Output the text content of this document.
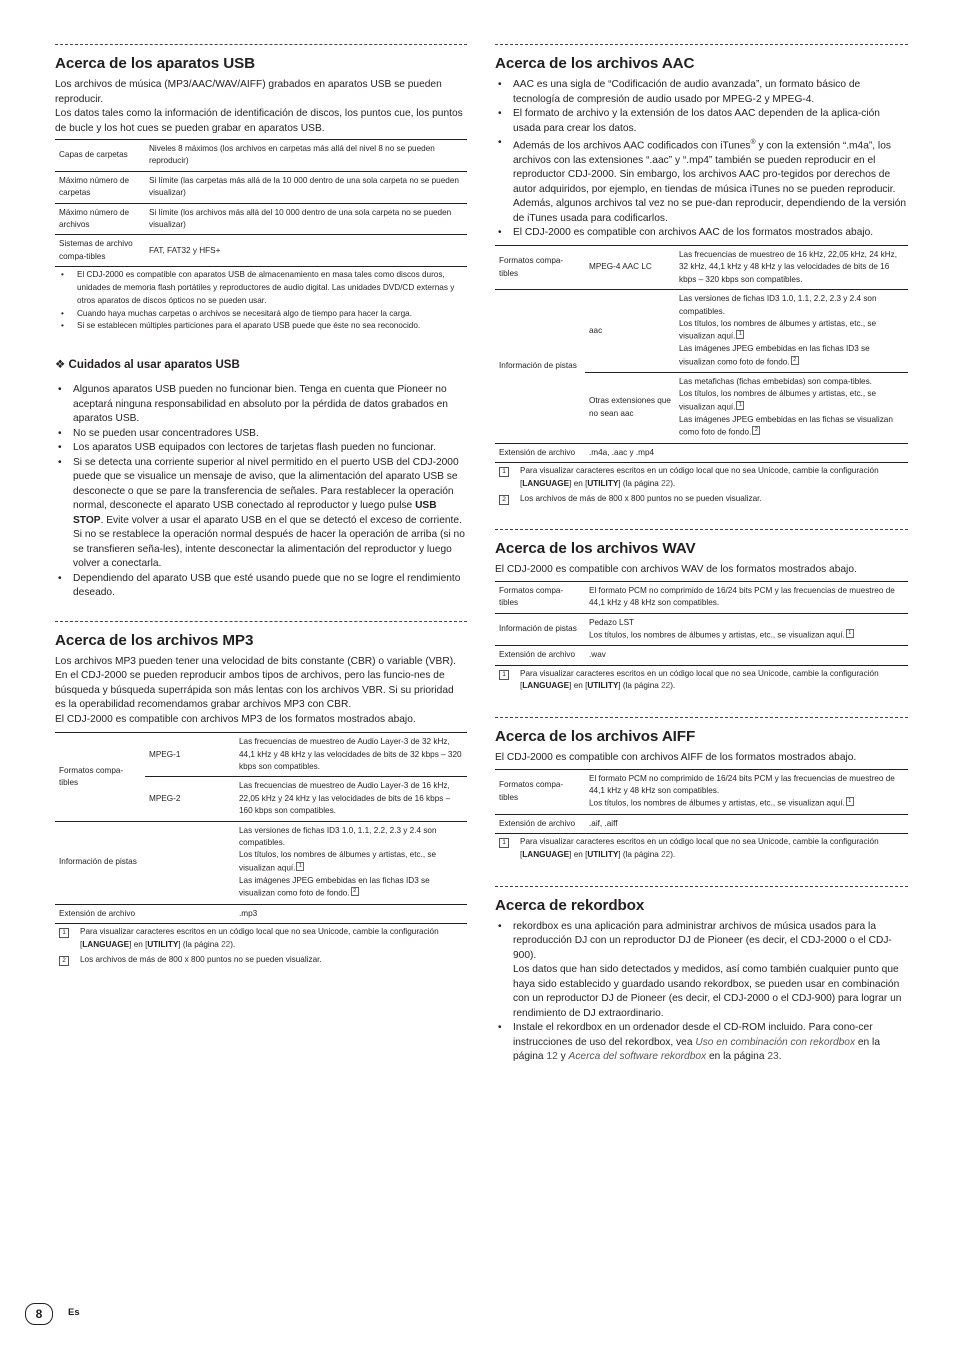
Acerca de los aparatos USB

Los archivos de música (MP3/AAC/WAV/AIFF) grabados en aparatos USB se pueden reproducir.

Los datos tales como la información de identificación de discos, los puntos cue, los puntos de bucle y los hot cues se pueden grabar en aparatos USB.

Capas de carpetas	Niveles 8 máximos (los archivos en carpetas más allá del nivel 8 no se pueden reproducir)
Máximo número de carpetas	Si límite (las carpetas más allá de la 10 000 dentro de una sola carpeta no se pueden visualizar)
Máximo número de archivos	Si límite (los archivos más allá del 10 000 dentro de una sola carpeta no se pueden visualizar)
Sistemas de archivo compa-tibles	FAT, FAT32 y HFS+
• El CDJ-2000 es compatible con aparatos USB de almacenamiento en masa tales como discos duros, unidades de memoria flash portátiles y reproductores de audio digital. Las unidades DVD/CD externas y otros aparatos de discos ópticos no se pueden usar.
• Cuando haya muchas carpetas o archivos se necesitará algo de tiempo para hacer la carga.
• Si se establecen múltiples particiones para el aparato USB puede que éste no sea reconocido.
❖ Cuidados al usar aparatos USB
• Algunos aparatos USB pueden no funcionar bien. Tenga en cuenta que Pioneer no aceptará ninguna responsabilidad en absoluto por la pérdida de datos grabados en aparatos USB.
• No se pueden usar concentradores USB.
• Los aparatos USB equipados con lectores de tarjetas flash pueden no funcionar.
• Si se detecta una corriente superior al nivel permitido en el puerto USB del CDJ-2000 puede que se visualice un mensaje de aviso, que la alimentación del aparato USB se desconecte o que se pare la transferencia de señales. Para restablecer la operación normal, desconecte el aparato USB conectado al reproductor y luego pulse USB STOP. Evite volver a usar el aparato USB en el que se detectó el exceso de corriente. Si no se restablece la operación normal después de hacer la operación de arriba (si no se transfieren seña-les), intente desconectar la alimentación del reproductor y luego volver a conectarla.
• Dependiendo del aparato USB que esté usando puede que no se logre el rendimiento deseado.
Acerca de los archivos MP3

Los archivos MP3 pueden tener una velocidad de bits constante (CBR) o variable (VBR). En el CDJ-2000 se pueden reproducir ambos tipos de archivos, pero las funcio-nes de búsqueda y búsqueda superrápida son más lentas con los archivos VBR. Si su prioridad es la operabilidad recomendamos grabar archivos MP3 con CBR.

El CDJ-2000 es compatible con archivos MP3 de los formatos mostrados abajo.

Formatos compa-tibles	MPEG-1	Las frecuencias de muestreo de Audio Layer-3 de 32 kHz, 44,1 kHz y 48 kHz y las velocidades de bits de 32 kbps – 320 kbps son compatibles.
	MPEG-2	Las frecuencias de muestreo de Audio Layer-3 de 16 kHz, 22,05 kHz y 24 kHz y las velocidades de bits de 16 kbps – 160 kbps son compatibles.
Información de pistas		Las versiones de fichas ID3 1.0, 1.1, 2.2, 2.3 y 2.4 son compatibles.
Los títulos, los nombres de álbumes y artistas, etc., se visualizan aquí. 1
Las imágenes JPEG embebidas en las fichas ID3 se visualizan como foto de fondo. 2

Extensión de archivo		.mp3
1	Para visualizar caracteres escritos en un código local que no sea Unicode, cambie la configuración [LANGUAGE] en [UTILITY] (la página 22).
2	Los archivos de más de 800 x 800 puntos no se pueden visualizar.
Acerca de los archivos AAC
• AAC es una sigla de “Codificación de audio avanzada”, un formato básico de tecnología de compresión de audio usado por MPEG-2 y MPEG-4.
• El formato de archivo y la extensión de los datos AAC dependen de la aplica-ción usada para crear los datos.
• Además de los archivos AAC codificados con iTunes® y con la extensión “.m4a”, los archivos con las extensiones “.aac” y “.mp4” también se pueden reproducir en el reproductor CDJ-2000. Sin embargo, los archivos AAC pro-tegidos por derechos de autor adquiridos, por ejemplo, en tiendas de música iTunes no se pueden reproducir. Además, algunos archivos tal vez no se pue-dan reproducir, dependiendo de la versión de iTunes usada para codificarlos.
• El CDJ-2000 es compatible con archivos AAC de los formatos mostrados abajo.
Formatos compa-tibles	MPEG-4 AAC LC	Las frecuencias de muestreo de 16 kHz, 22,05 kHz, 24 kHz, 32 kHz, 44,1 kHz y 48 kHz y las velocidades de bits de 16 kbps – 320 kbps son compatibles.
Información de pistas	aac	Las versiones de fichas ID3 1.0, 1.1, 2.2, 2.3 y 2.4 son compatibles.
Los títulos, los nombres de álbumes y artistas, etc., se visualizan aquí. 1
Las imágenes JPEG embebidas en las fichas ID3 se visualizan como foto de fondo. 2

	Otras extensiones que no sean aac	Las metafichas (fichas embebidas) son compa-tibles.
Los títulos, los nombres de álbumes y artistas, etc., se visualizan aquí. 1
Las imágenes JPEG embebidas en las fichas se visualizan como foto de fondo. 2

Extensión de archivo	.m4a, .aac y .mp4	
1	Para visualizar caracteres escritos en un código local que no sea Unicode, cambie la configuración [LANGUAGE] en [UTILITY] (la página 22).
2	Los archivos de más de 800 x 800 puntos no se pueden visualizar.
Acerca de los archivos WAV

El CDJ-2000 es compatible con archivos WAV de los formatos mostrados abajo.

Formatos compa-tibles	El formato PCM no comprimido de 16/24 bits PCM y las frecuencias de muestreo de 44,1 kHz y 48 kHz son compatibles.
Información de pistas	Pedazo LST
Los títulos, los nombres de álbumes y artistas, etc., se visualizan aquí. 1

Extensión de archivo	.wav
1	Para visualizar caracteres escritos en un código local que no sea Unicode, cambie la configuración [LANGUAGE] en [UTILITY] (la página 22).
Acerca de los archivos AIFF

El CDJ-2000 es compatible con archivos AIFF de los formatos mostrados abajo.

Formatos compa-tibles	El formato PCM no comprimido de 16/24 bits PCM y las frecuencias de muestreo de 44,1 kHz y 48 kHz son compatibles.
Los títulos, los nombres de álbumes y artistas, etc., se visualizan aquí. 1

Extensión de archivo	.aif, .aiff
1	Para visualizar caracteres escritos en un código local que no sea Unicode, cambie la configuración [LANGUAGE] en [UTILITY] (la página 22).
Acerca de rekordbox
• rekordbox es una aplicación para administrar archivos de música usados para la reproducción DJ con un reproductor DJ de Pioneer (es decir, el CDJ-2000 o el CDJ-900).
Los datos que han sido detectados y medidos, así como también cualquier punto que haya sido establecido y guardado usando rekordbox, se pueden usar en combinación con un reproductor DJ de Pioneer (es decir, el CDJ-2000 o el CDJ-900) para lograr un rendimiento de DJ extraordinario.
• Instale el rekordbox en un ordenador desde el CD-ROM incluido. Para cono-cer instrucciones de uso del rekordbox, vea Uso en combinación con rekordbox en la página 12 y Acerca del software rekordbox en la página 23.
8	Es
